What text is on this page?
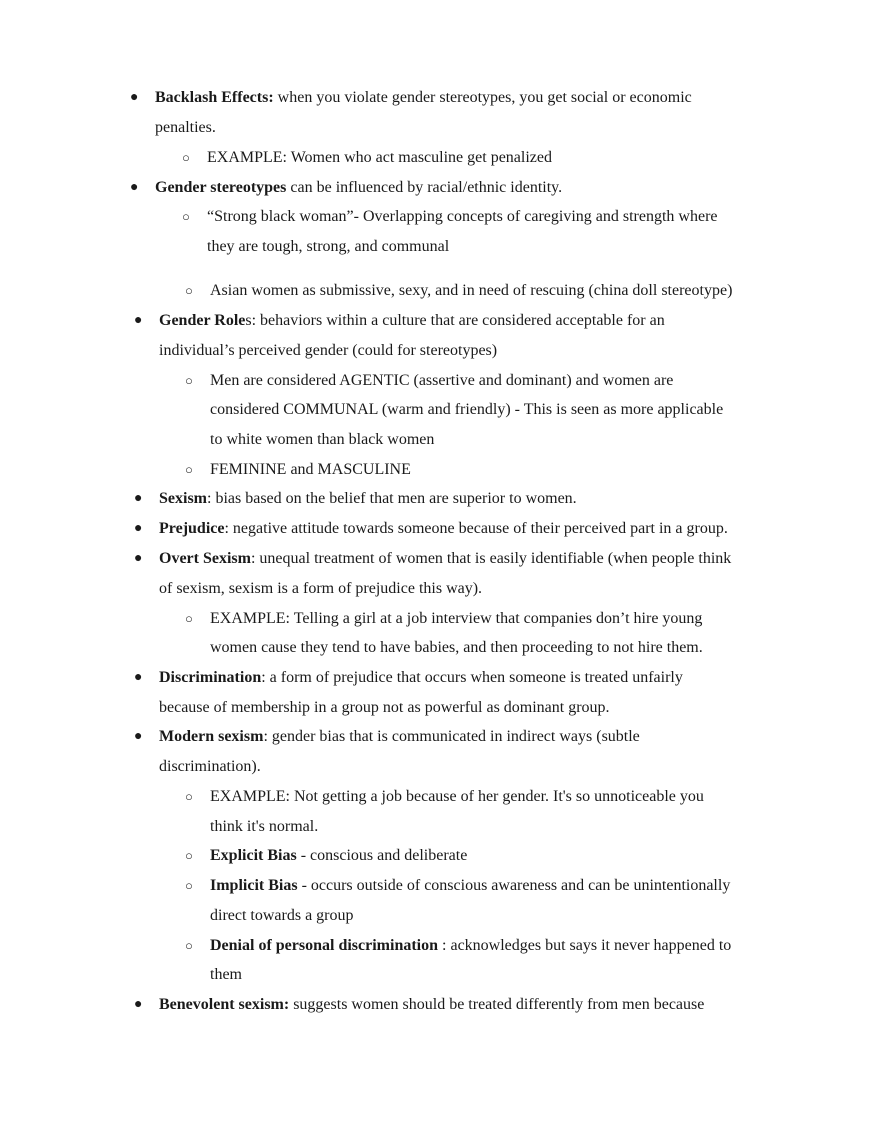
● Backlash Effects: when you violate gender stereotypes, you get social or economic
penalties.
○ EXAMPLE: Women who act masculine get penalized
● Gender stereotypes can be influenced by racial/ethnic identity.
○ “Strong black woman”- Overlapping concepts of caregiving and strength where
they are tough, strong, and communal
○ Asian women as submissive, sexy, and in need of rescuing (china doll stereotype)
● Gender Roles: behaviors within a culture that are considered acceptable for an
individual’s perceived gender (could for stereotypes)
○ Men are considered AGENTIC (assertive and dominant) and women are
considered COMMUNAL (warm and friendly) - This is seen as more applicable
to white women than black women
○ FEMININE and MASCULINE
● Sexism: bias based on the belief that men are superior to women.
● Prejudice: negative attitude towards someone because of their perceived part in a group.
● Overt Sexism: unequal treatment of women that is easily identifiable (when people think
of sexism, sexism is a form of prejudice this way).
○ EXAMPLE: Telling a girl at a job interview that companies don’t hire young
women cause they tend to have babies, and then proceeding to not hire them.
● Discrimination: a form of prejudice that occurs when someone is treated unfairly
because of membership in a group not as powerful as dominant group.
● Modern sexism: gender bias that is communicated in indirect ways (subtle
discrimination).
○ EXAMPLE: Not getting a job because of her gender. It's so unnoticeable you
think it's normal.
○ Explicit Bias - conscious and deliberate
○ Implicit Bias - occurs outside of conscious awareness and can be unintentionally
direct towards a group
○ Denial of personal discrimination : acknowledges but says it never happened to
them
● Benevolent sexism: suggests women should be treated differently from men because
